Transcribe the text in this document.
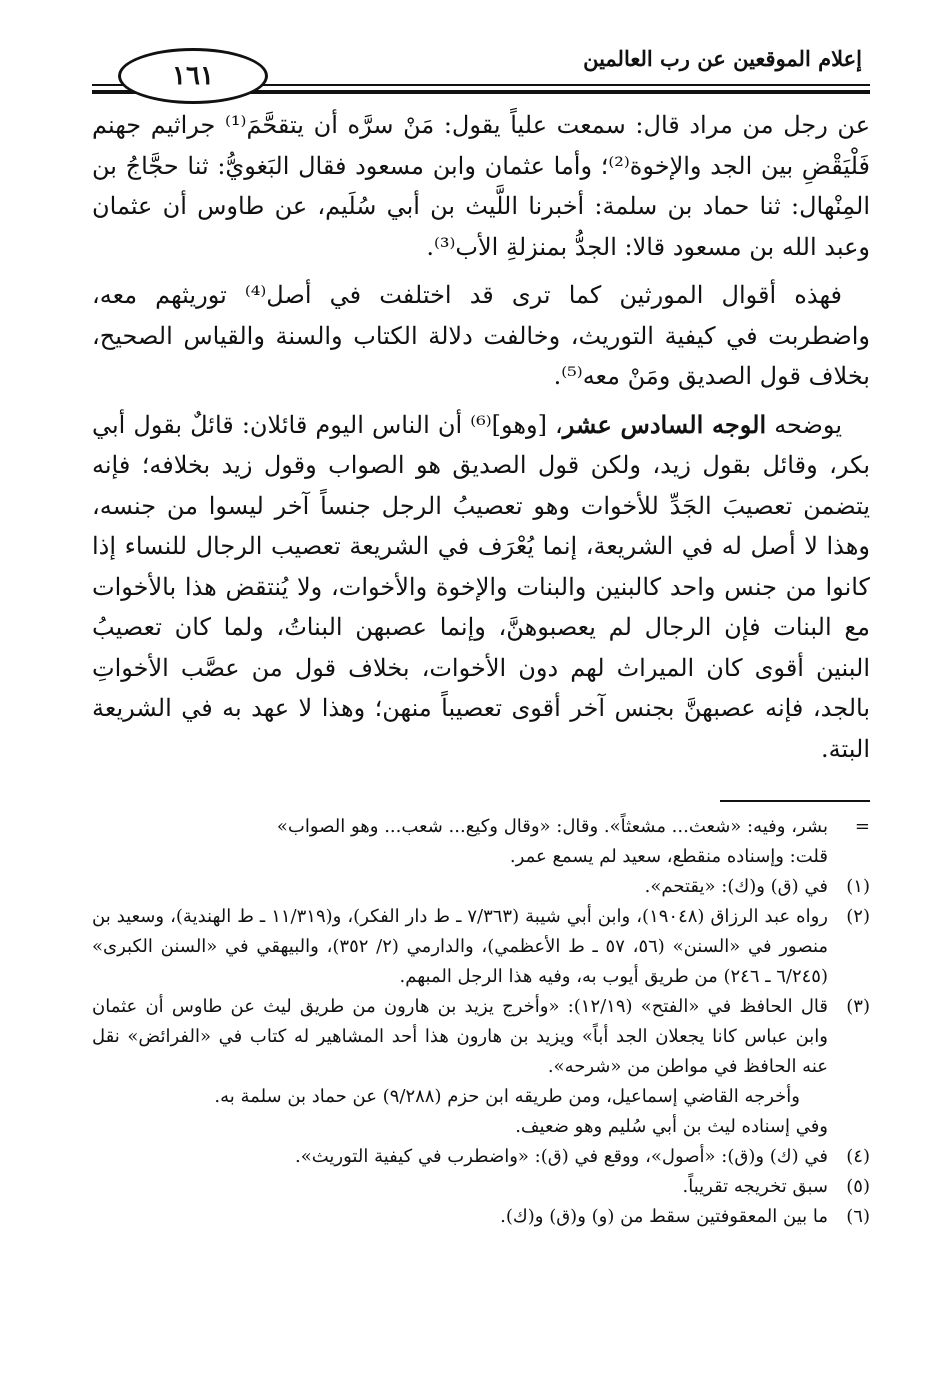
إعلام الموقعين عن رب العالمين
١٦١

عن رجل من مراد قال: سمعت علياً يقول: مَنْ سرَّه أن يتقحَّمَ⁽¹⁾ جراثيم جهنم فَلْيَقْضِ بين الجد والإخوة⁽²⁾؛ وأما عثمان وابن مسعود فقال البَغويُّ: ثنا حجَّاجُ بن المِنْهال: ثنا حماد بن سلمة: أخبرنا اللَّيث بن أبي سُلَيم، عن طاوس أن عثمان وعبد الله بن مسعود قالا: الجدُّ بمنزلةِ الأب⁽³⁾.

فهذه أقوال المورثين كما ترى قد اختلفت في أصل⁽⁴⁾ توريثهم معه، واضطربت في كيفية التوريث، وخالفت دلالة الكتاب والسنة والقياس الصحيح، بخلاف قول الصديق ومَنْ معه⁽⁵⁾.

يوضحه الوجه السادس عشر، [وهو]⁽⁶⁾ أن الناس اليوم قائلان: قائلٌ بقول أبي بكر، وقائل بقول زيد، ولكن قول الصديق هو الصواب وقول زيد بخلافه؛ فإنه يتضمن تعصيبَ الجَدِّ للأخوات وهو تعصيبُ الرجل جنساً آخر ليسوا من جنسه، وهذا لا أصل له في الشريعة، إنما يُعْرَف في الشريعة تعصيب الرجال للنساء إذا كانوا من جنس واحد كالبنين والبنات والإخوة والأخوات، ولا يُنتقض هذا بالأخوات مع البنات فإن الرجال لم يعصبوهنَّ، وإنما عصبهن البناتُ، ولما كان تعصيبُ البنين أقوى كان الميراث لهم دون الأخوات، بخلاف قول من عصَّب الأخواتِ بالجد، فإنه عصبهنَّ بجنس آخر أقوى تعصيباً منهن؛ وهذا لا عهد به في الشريعة البتة.

=
بشر، وفيه: «شعث... مشعثاً». وقال: «وقال وكيع... شعب... وهو الصواب»
قلت: وإسناده منقطع، سعيد لم يسمع عمر.
(١)
في (ق) و(ك): «يقتحم».
(٢)
رواه عبد الرزاق (١٩٠٤٨)، وابن أبي شيبة (٧/٣٦٣ ـ ط دار الفكر)، و(١١/٣١٩ ـ ط الهندية)، وسعيد بن منصور في «السنن» (٥٦، ٥٧ ـ ط الأعظمي)، والدارمي (٢/ ٣٥٢)، والبيهقي في «السنن الكبرى» (٦/٢٤٥ ـ ٢٤٦) من طريق أيوب به، وفيه هذا الرجل المبهم.
(٣)
قال الحافظ في «الفتح» (١٢/١٩): «وأخرج يزيد بن هارون من طريق ليث عن طاوس أن عثمان وابن عباس كانا يجعلان الجد أباً» ويزيد بن هارون هذا أحد المشاهير له كتاب في «الفرائض» نقل عنه الحافظ في مواطن من «شرحه».
وأخرجه القاضي إسماعيل، ومن طريقه ابن حزم (٩/٢٨٨) عن حماد بن سلمة به.
وفي إسناده ليث بن أبي سُليم وهو ضعيف.
(٤)
في (ك) و(ق): «أصول»، ووقع في (ق): «واضطرب في كيفية التوريث».
(٥)
سبق تخريجه تقريباً.
(٦)
ما بين المعقوفتين سقط من (و) و(ق) و(ك).
